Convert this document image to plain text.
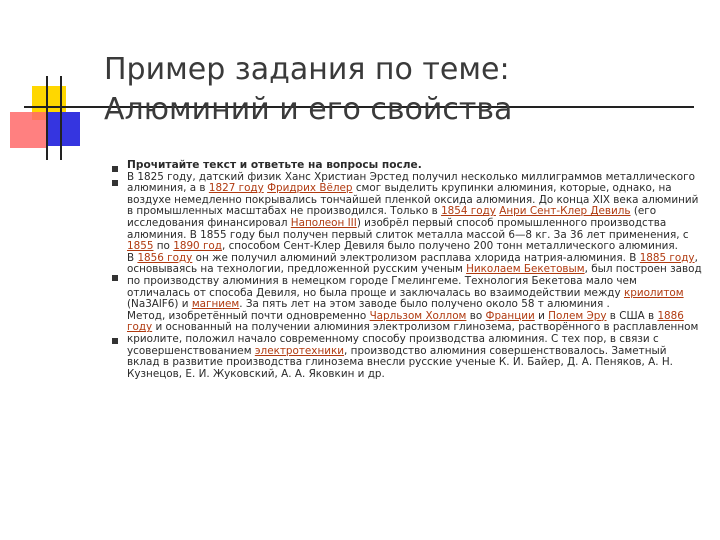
Пример задания по теме:
Алюминий и его свойства
Прочитайте текст и ответьте на вопросы после.
В 1825 году, датский физик Ханс Христиан Эрстед получил несколько миллиграммов металлического алюминия, а в 1827 году Фридрих Вёлер смог выделить крупинки алюминия, которые, однако, на воздухе немедленно покрывались тончайшей пленкой оксида алюминия. До конца XIX века алюминий в промышленных масштабах не производился. Только в 1854 году Анри Сент-Клер Девиль (его исследования финансировал Наполеон III) изобрёл первый способ промышленного производства алюминия. В 1855 году был получен первый слиток металла массой 6—8 кг. За 36 лет применения, с 1855 по 1890 год, способом Сент-Клер Девиля было получено 200 тонн металлического алюминия.
В 1856 году он же получил алюминий электролизом расплава хлорида натрия-алюминия. В 1885 году, основываясь на технологии, предложенной русским ученым Николаем Бекетовым, был построен завод по производству алюминия в немецком городе Гмелингеме. Технология Бекетова мало чем отличалась от способа Девиля, но была проще и заключалась во взаимодействии между криолитом (Na3AlF6) и магнием. За пять лет на этом заводе было получено около 58 т алюминия .
Метод, изобретённый почти одновременно Чарльзом Холлом во Франции и Полем Эру в США в 1886 году и основанный на получении алюминия электролизом глинозема, растворённого в расплавленном криолите, положил начало современному способу производства алюминия. С тех пор, в связи с усовершенствованием электротехники, производство алюминия совершенствовалось. Заметный вклад в развитие производства глинозема внесли русские ученые К. И. Байер, Д. А. Пеняков, А. Н. Кузнецов, Е. И. Жуковский, А. А. Яковкин и др.
